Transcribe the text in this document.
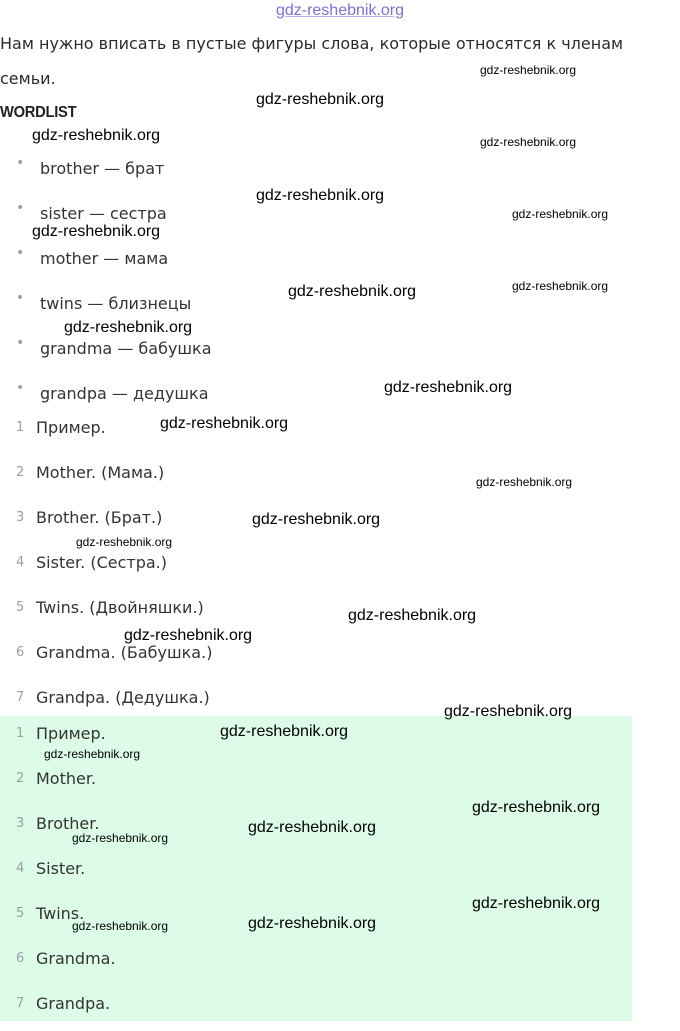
gdz-reshebnik.org
Нам нужно вписать в пустые фигуры слова, которые относятся к членам семьи.
WORDLIST
• brother — брат
• sister — сестра
• mother — мама
• twins — близнецы
• grandma — бабушка
• grandpa — дедушка
1 Пример.
2 Mother. (Мама.)
3 Brother. (Брат.)
4 Sister. (Сестра.)
5 Twins. (Двойняшки.)
6 Grandma. (Бабушка.)
7 Grandpa. (Дедушка.)
1 Пример.
2 Mother.
3 Brother.
4 Sister.
5 Twins.
6 Grandma.
7 Grandpa.
gdz-reshebnik.org
gdz-reshebnik.org
gdz-reshebnik.org	gdz-reshebnik.org
gdz-reshebnik.org
gdz-reshebnik.org
gdz-reshebnik.org
gdz-reshebnik.org
gdz-reshebnik.org
gdz-reshebnik.org
gdz-reshebnik.org
gdz-reshebnik.org
gdz-reshebnik.org
gdz-reshebnik.org
gdz-reshebnik.org
gdz-reshebnik.org
gdz-reshebnik.org
gdz-reshebnik.org
gdz-reshebnik.org
gdz-reshebnik.org
gdz-reshebnik.org
gdz-reshebnik.org
gdz-reshebnik.org
gdz-reshebnik.org
gdz-reshebnik.org
gdz-reshebnik.org
